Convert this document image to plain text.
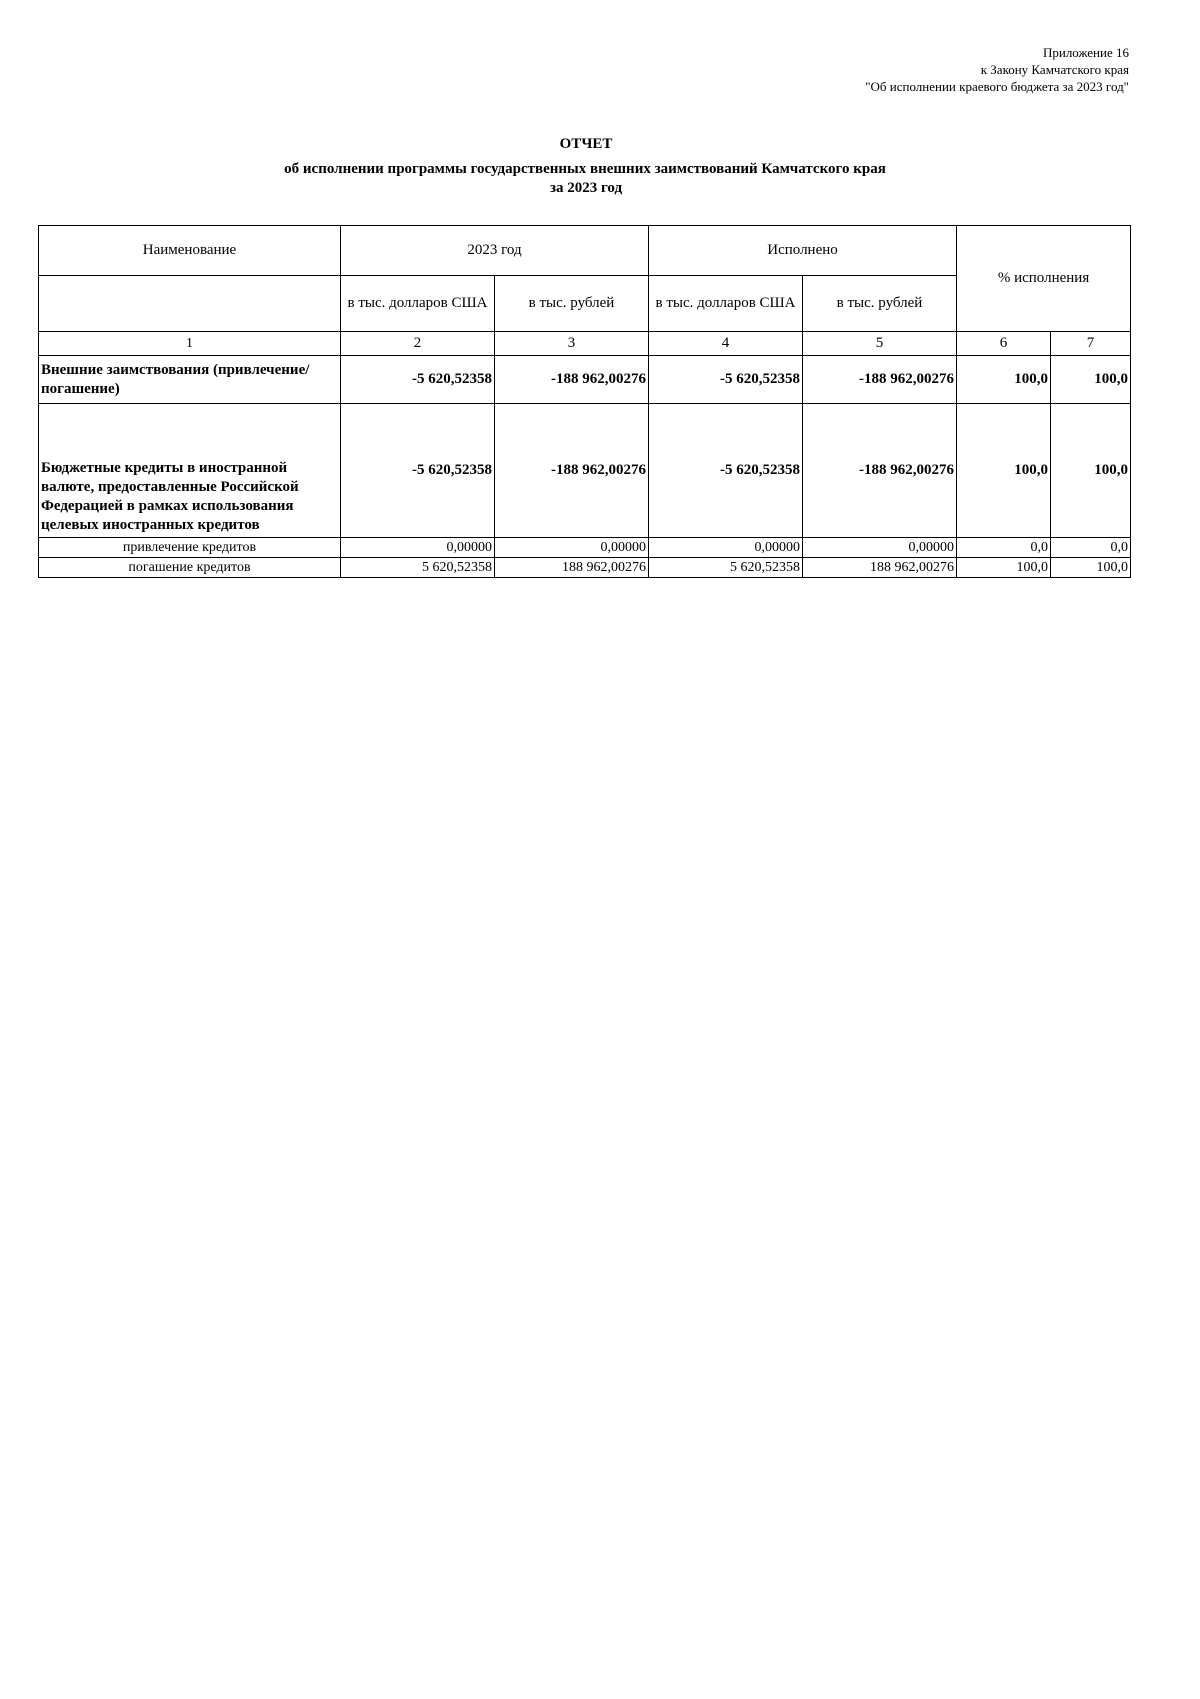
Приложение 16
к Закону Камчатского края
"Об исполнении краевого бюджета за 2023 год"
ОТЧЕТ
об исполнении программы государственных внешних заимствований Камчатского края
за 2023 год
Наименование	2023 год		Исполнено		% исполнения	
	в тыс. долларов США	в тыс. рублей	в тыс. долларов США	в тыс. рублей		
1	2	3	4	5	6	7
Внешние заимствования (привлечение/погашение)	-5 620,52358	-188 962,00276	-5 620,52358	-188 962,00276	100,0	100,0
Бюджетные кредиты в иностранной валюте, предоставленные Российской Федерацией в рамках использования целевых иностранных кредитов	-5 620,52358	-188 962,00276	-5 620,52358	-188 962,00276	100,0	100,0
привлечение кредитов	0,00000	0,00000	0,00000	0,00000	0,0	0,0
погашение кредитов	5 620,52358	188 962,00276	5 620,52358	188 962,00276	100,0	100,0
